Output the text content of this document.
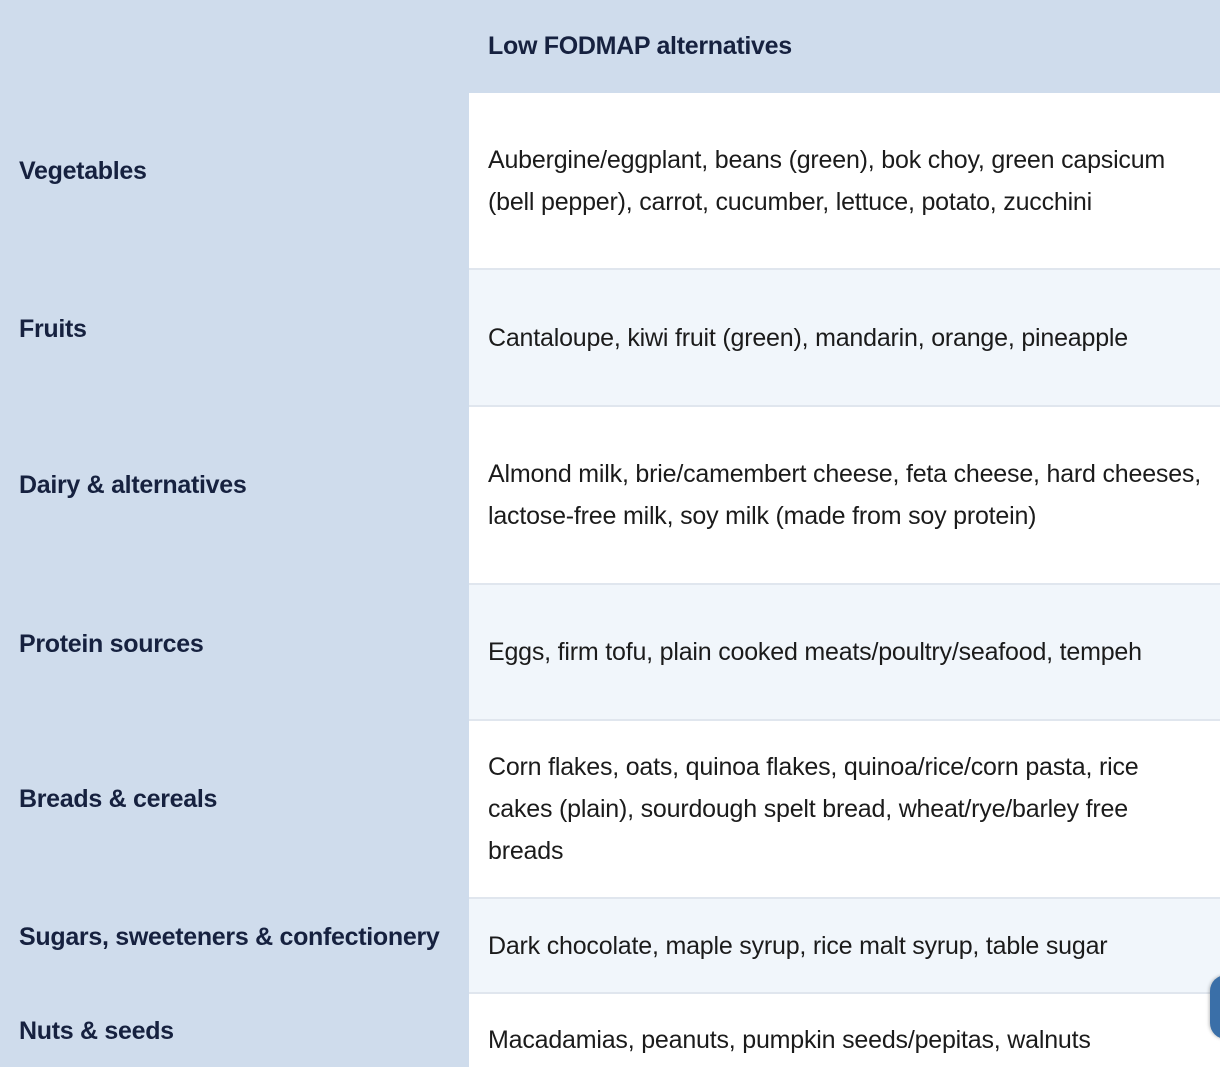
	Low FODMAP alternatives

Vegetables	Aubergine/eggplant, beans (green), bok choy, green capsicum (bell pepper), carrot, cucumber, lettuce, potato, zucchini

Fruits	Cantaloupe, kiwi fruit (green), mandarin, orange, pineapple

Dairy & alternatives	Almond milk, brie/camembert cheese, feta cheese, hard cheeses, lactose-free milk, soy milk (made from soy protein)

Protein sources	Eggs, firm tofu, plain cooked meats/poultry/seafood, tempeh

Breads & cereals	Corn flakes, oats, quinoa flakes, quinoa/rice/corn pasta, rice cakes (plain), sourdough spelt bread, wheat/rye/barley free breads

Sugars, sweeteners & confectionery	Dark chocolate, maple syrup, rice malt syrup, table sugar

Nuts & seeds	Macadamias, peanuts, pumpkin seeds/pepitas, walnuts
